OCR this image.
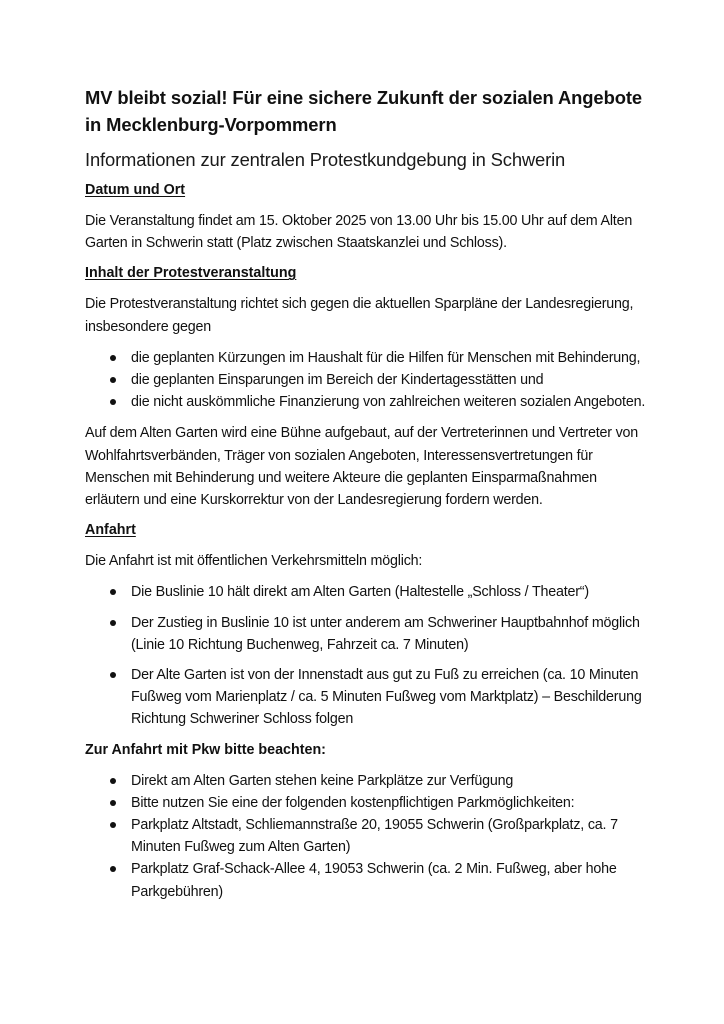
MV bleibt sozial! Für eine sichere Zukunft der sozialen Angebote in Mecklenburg-Vorpommern
Informationen zur zentralen Protestkundgebung in Schwerin
Datum und Ort

Die Veranstaltung findet am 15. Oktober 2025 von 13.00 Uhr bis 15.00 Uhr auf dem Alten Garten in Schwerin statt (Platz zwischen Staatskanzlei und Schloss).

Inhalt der Protestveranstaltung

Die Protestveranstaltung richtet sich gegen die aktuellen Sparpläne der Landesregierung, insbesondere gegen

die geplanten Kürzungen im Haushalt für die Hilfen für Menschen mit Behinderung,
die geplanten Einsparungen im Bereich der Kindertagesstätten und
die nicht auskömmliche Finanzierung von zahlreichen weiteren sozialen Angeboten.

Auf dem Alten Garten wird eine Bühne aufgebaut, auf der Vertreterinnen und Vertreter von Wohlfahrtsverbänden, Träger von sozialen Angeboten, Interessensvertretungen für Menschen mit Behinderung und weitere Akteure die geplanten Einsparmaßnahmen erläutern und eine Kurskorrektur von der Landesregierung fordern werden.

Anfahrt

Die Anfahrt ist mit öffentlichen Verkehrsmitteln möglich:

Die Buslinie 10 hält direkt am Alten Garten (Haltestelle „Schloss / Theater“)
Der Zustieg in Buslinie 10 ist unter anderem am Schweriner Hauptbahnhof möglich (Linie 10 Richtung Buchenweg, Fahrzeit ca. 7 Minuten)
Der Alte Garten ist von der Innenstadt aus gut zu Fuß zu erreichen (ca. 10 Minuten Fußweg vom Marienplatz / ca. 5 Minuten Fußweg vom Marktplatz) – Beschilderung Richtung Schweriner Schloss folgen
Zur Anfahrt mit Pkw bitte beachten:
Direkt am Alten Garten stehen keine Parkplätze zur Verfügung
Bitte nutzen Sie eine der folgenden kostenpflichtigen Parkmöglichkeiten:
Parkplatz Altstadt, Schliemannstraße 20, 19055 Schwerin (Großparkplatz, ca. 7 Minuten Fußweg zum Alten Garten)
Parkplatz Graf-Schack-Allee 4, 19053 Schwerin (ca. 2 Min. Fußweg, aber hohe Parkgebühren)
